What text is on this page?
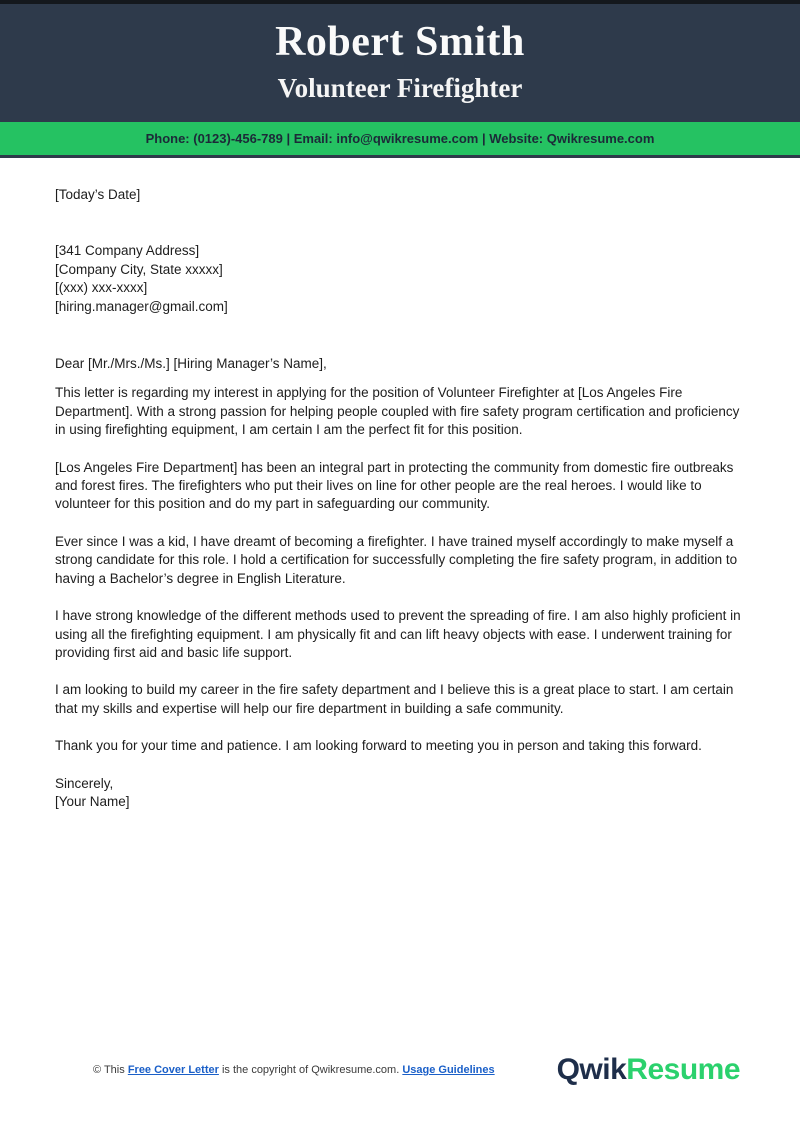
Robert Smith
Volunteer Firefighter
Phone: (0123)-456-789 | Email: info@qwikresume.com | Website: Qwikresume.com
[Today’s Date]
[341 Company Address]
[Company City, State xxxxx]
[(xxx) xxx-xxxx]
[hiring.manager@gmail.com]
Dear [Mr./Mrs./Ms.] [Hiring Manager’s Name],

This letter is regarding my interest in applying for the position of Volunteer Firefighter at [Los Angeles Fire Department]. With a strong passion for helping people coupled with fire safety program certification and proficiency in using firefighting equipment, I am certain I am the perfect fit for this position.

[Los Angeles Fire Department] has been an integral part in protecting the community from domestic fire outbreaks and forest fires. The firefighters who put their lives on line for other people are the real heroes. I would like to volunteer for this position and do my part in safeguarding our community.

Ever since I was a kid, I have dreamt of becoming a firefighter. I have trained myself accordingly to make myself a strong candidate for this role. I hold a certification for successfully completing the fire safety program, in addition to having a Bachelor’s degree in English Literature.

I have strong knowledge of the different methods used to prevent the spreading of fire. I am also highly proficient in using all the firefighting equipment. I am physically fit and can lift heavy objects with ease. I underwent training for providing first aid and basic life support.

I am looking to build my career in the fire safety department and I believe this is a great place to start. I am certain that my skills and expertise will help our fire department in building a safe community.

Thank you for your time and patience. I am looking forward to meeting you in person and taking this forward.

Sincerely,
[Your Name]
© This Free Cover Letter is the copyright of Qwikresume.com. Usage Guidelines QwikResume
